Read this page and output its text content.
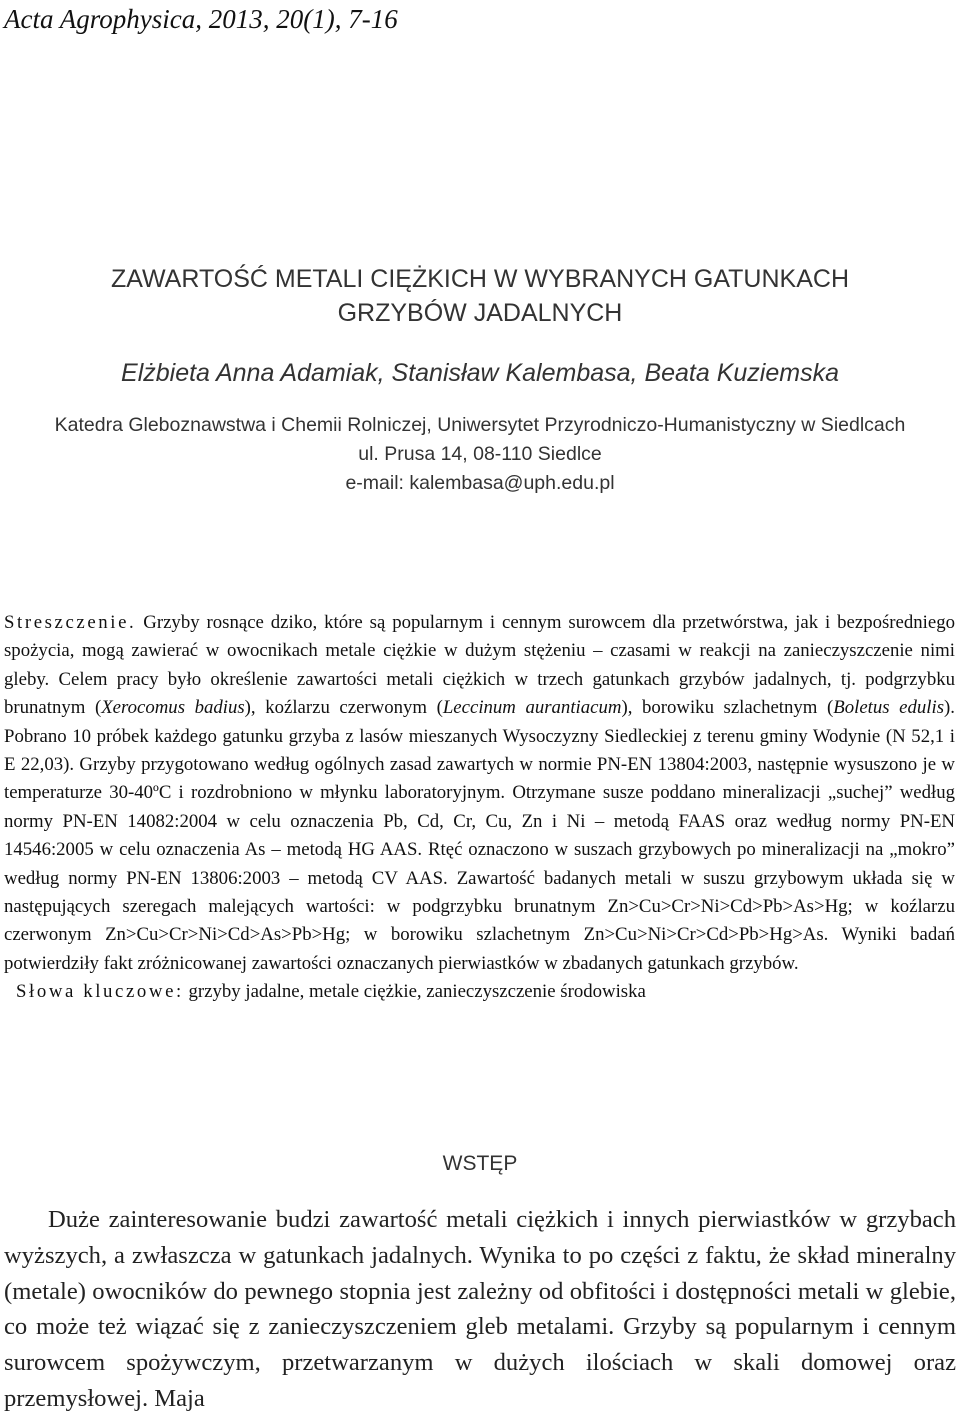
Acta Agrophysica, 2013, 20(1), 7-16
ZAWARTOŚĆ METALI CIĘŻKICH W WYBRANYCH GATUNKACH
GRZYBÓW JADALNYCH
Elżbieta Anna Adamiak, Stanisław Kalembasa, Beata Kuziemska
Katedra Gleboznawstwa i Chemii Rolniczej, Uniwersytet Przyrodniczo-Humanistyczny w Siedlcach
ul. Prusa 14, 08-110 Siedlce
e-mail: kalembasa@uph.edu.pl

Streszczenie. Grzyby rosnące dziko, które są popularnym i cennym surowcem dla przetwórstwa, jak i bezpośredniego spożycia, mogą zawierać w owocnikach metale ciężkie w dużym stężeniu – czasami w reakcji na zanieczyszczenie nimi gleby. Celem pracy było określenie zawartości metali ciężkich w trzech gatunkach grzybów jadalnych, tj. podgrzybku brunatnym (Xerocomus badius), koźlarzu czerwonym (Leccinum aurantiacum), borowiku szlachetnym (Boletus edulis). Pobrano 10 próbek każdego gatunku grzyba z lasów mieszanych Wysoczyzny Siedleckiej z terenu gminy Wodynie (N 52,1 i E 22,03). Grzyby przygotowano według ogólnych zasad zawartych w normie PN-EN 13804:2003, następnie wysuszono je w temperaturze 30-40ºC i rozdrobniono w młynku laboratoryjnym. Otrzymane susze poddano mineralizacji „suchej” według normy PN-EN 14082:2004 w celu oznaczenia Pb, Cd, Cr, Cu, Zn i Ni – metodą FAAS oraz według normy PN-EN 14546:2005 w celu oznaczenia As – metodą HG AAS. Rtęć oznaczono w suszach grzybowych po mineralizacji na „mokro” według normy PN-EN 13806:2003 – metodą CV AAS. Zawartość badanych metali w suszu grzybowym układa się w następujących szeregach malejących wartości: w podgrzybku brunatnym Zn>Cu>Cr>Ni>Cd>Pb>As>Hg; w koźlarzu czerwonym Zn>Cu>Cr>Ni>Cd>As>Pb>Hg; w borowiku szlachetnym Zn>Cu>Ni>Cr>Cd>Pb>Hg>As. Wyniki badań potwierdziły fakt zróżnicowanej zawartości oznaczanych pierwiastków w zbadanych gatunkach grzybów.

Słowa kluczowe: grzyby jadalne, metale ciężkie, zanieczyszczenie środowiska

WSTĘP

Duże zainteresowanie budzi zawartość metali ciężkich i innych pierwiastków w grzybach wyższych, a zwłaszcza w gatunkach jadalnych. Wynika to po części z faktu, że skład mineralny (metale) owocników do pewnego stopnia jest zależny od obfitości i dostępności metali w glebie, co może też wiązać się z zanieczyszczeniem gleb metalami. Grzyby są popularnym i cennym surowcem spożywczym, przetwarzanym w dużych ilościach w skali domowej oraz przemysłowej. Maja
